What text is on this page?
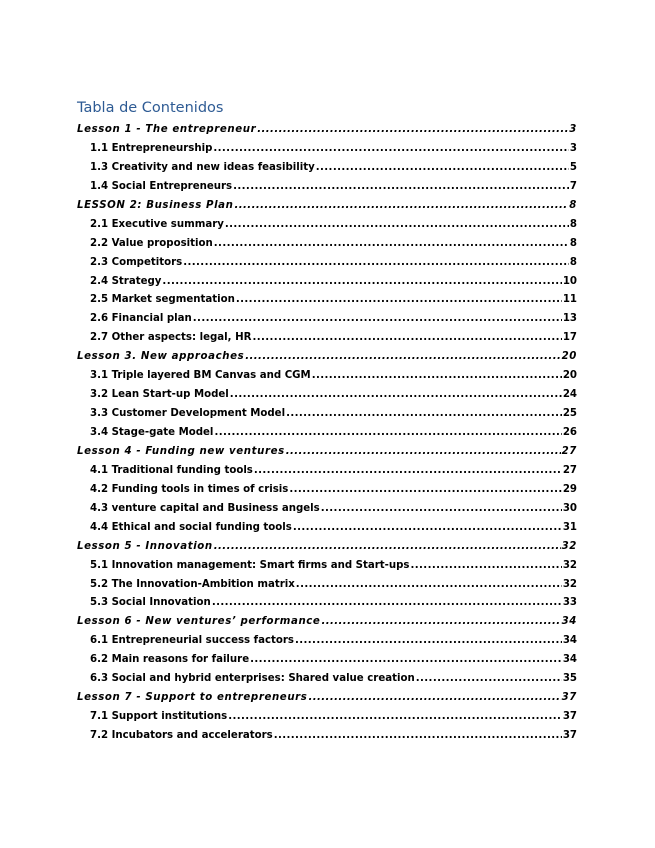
Tabla de Contenidos
Lesson 1 - The entrepreneur .....	3
1.1 Entrepreneurship .....	3
1.3 Creativity and new ideas feasibility .....	5
1.4 Social Entrepreneurs .....	7
LESSON 2: Business Plan .....	8
2.1 Executive summary .....	8
2.2 Value proposition .....	8
2.3 Competitors .....	8
2.4 Strategy .....	10
2.5 Market segmentation .....	11
2.6 Financial plan .....	13
2.7 Other aspects: legal, HR .....	17
Lesson 3. New approaches .....	20
3.1 Triple layered BM Canvas and CGM .....	20
3.2 Lean Start-up Model .....	24
3.3 Customer Development Model .....	25
3.4 Stage-gate Model .....	26
Lesson 4 - Funding new ventures .....	27
4.1 Traditional funding tools .....	27
4.2 Funding tools in times of crisis .....	29
4.3 venture capital and Business angels .....	30
4.4 Ethical and social funding tools .....	31
Lesson 5 - Innovation .....	32
5.1 Innovation management: Smart firms and Start-ups .....	32
5.2 The Innovation-Ambition matrix .....	32
5.3 Social Innovation .....	33
Lesson 6 - New ventures’ performance .....	34
6.1 Entrepreneurial success factors .....	34
6.2 Main reasons for failure .....	34
6.3 Social and hybrid enterprises: Shared value creation .....	35
Lesson 7 - Support to entrepreneurs .....	37
7.1 Support institutions .....	37
7.2 Incubators and accelerators .....	37
